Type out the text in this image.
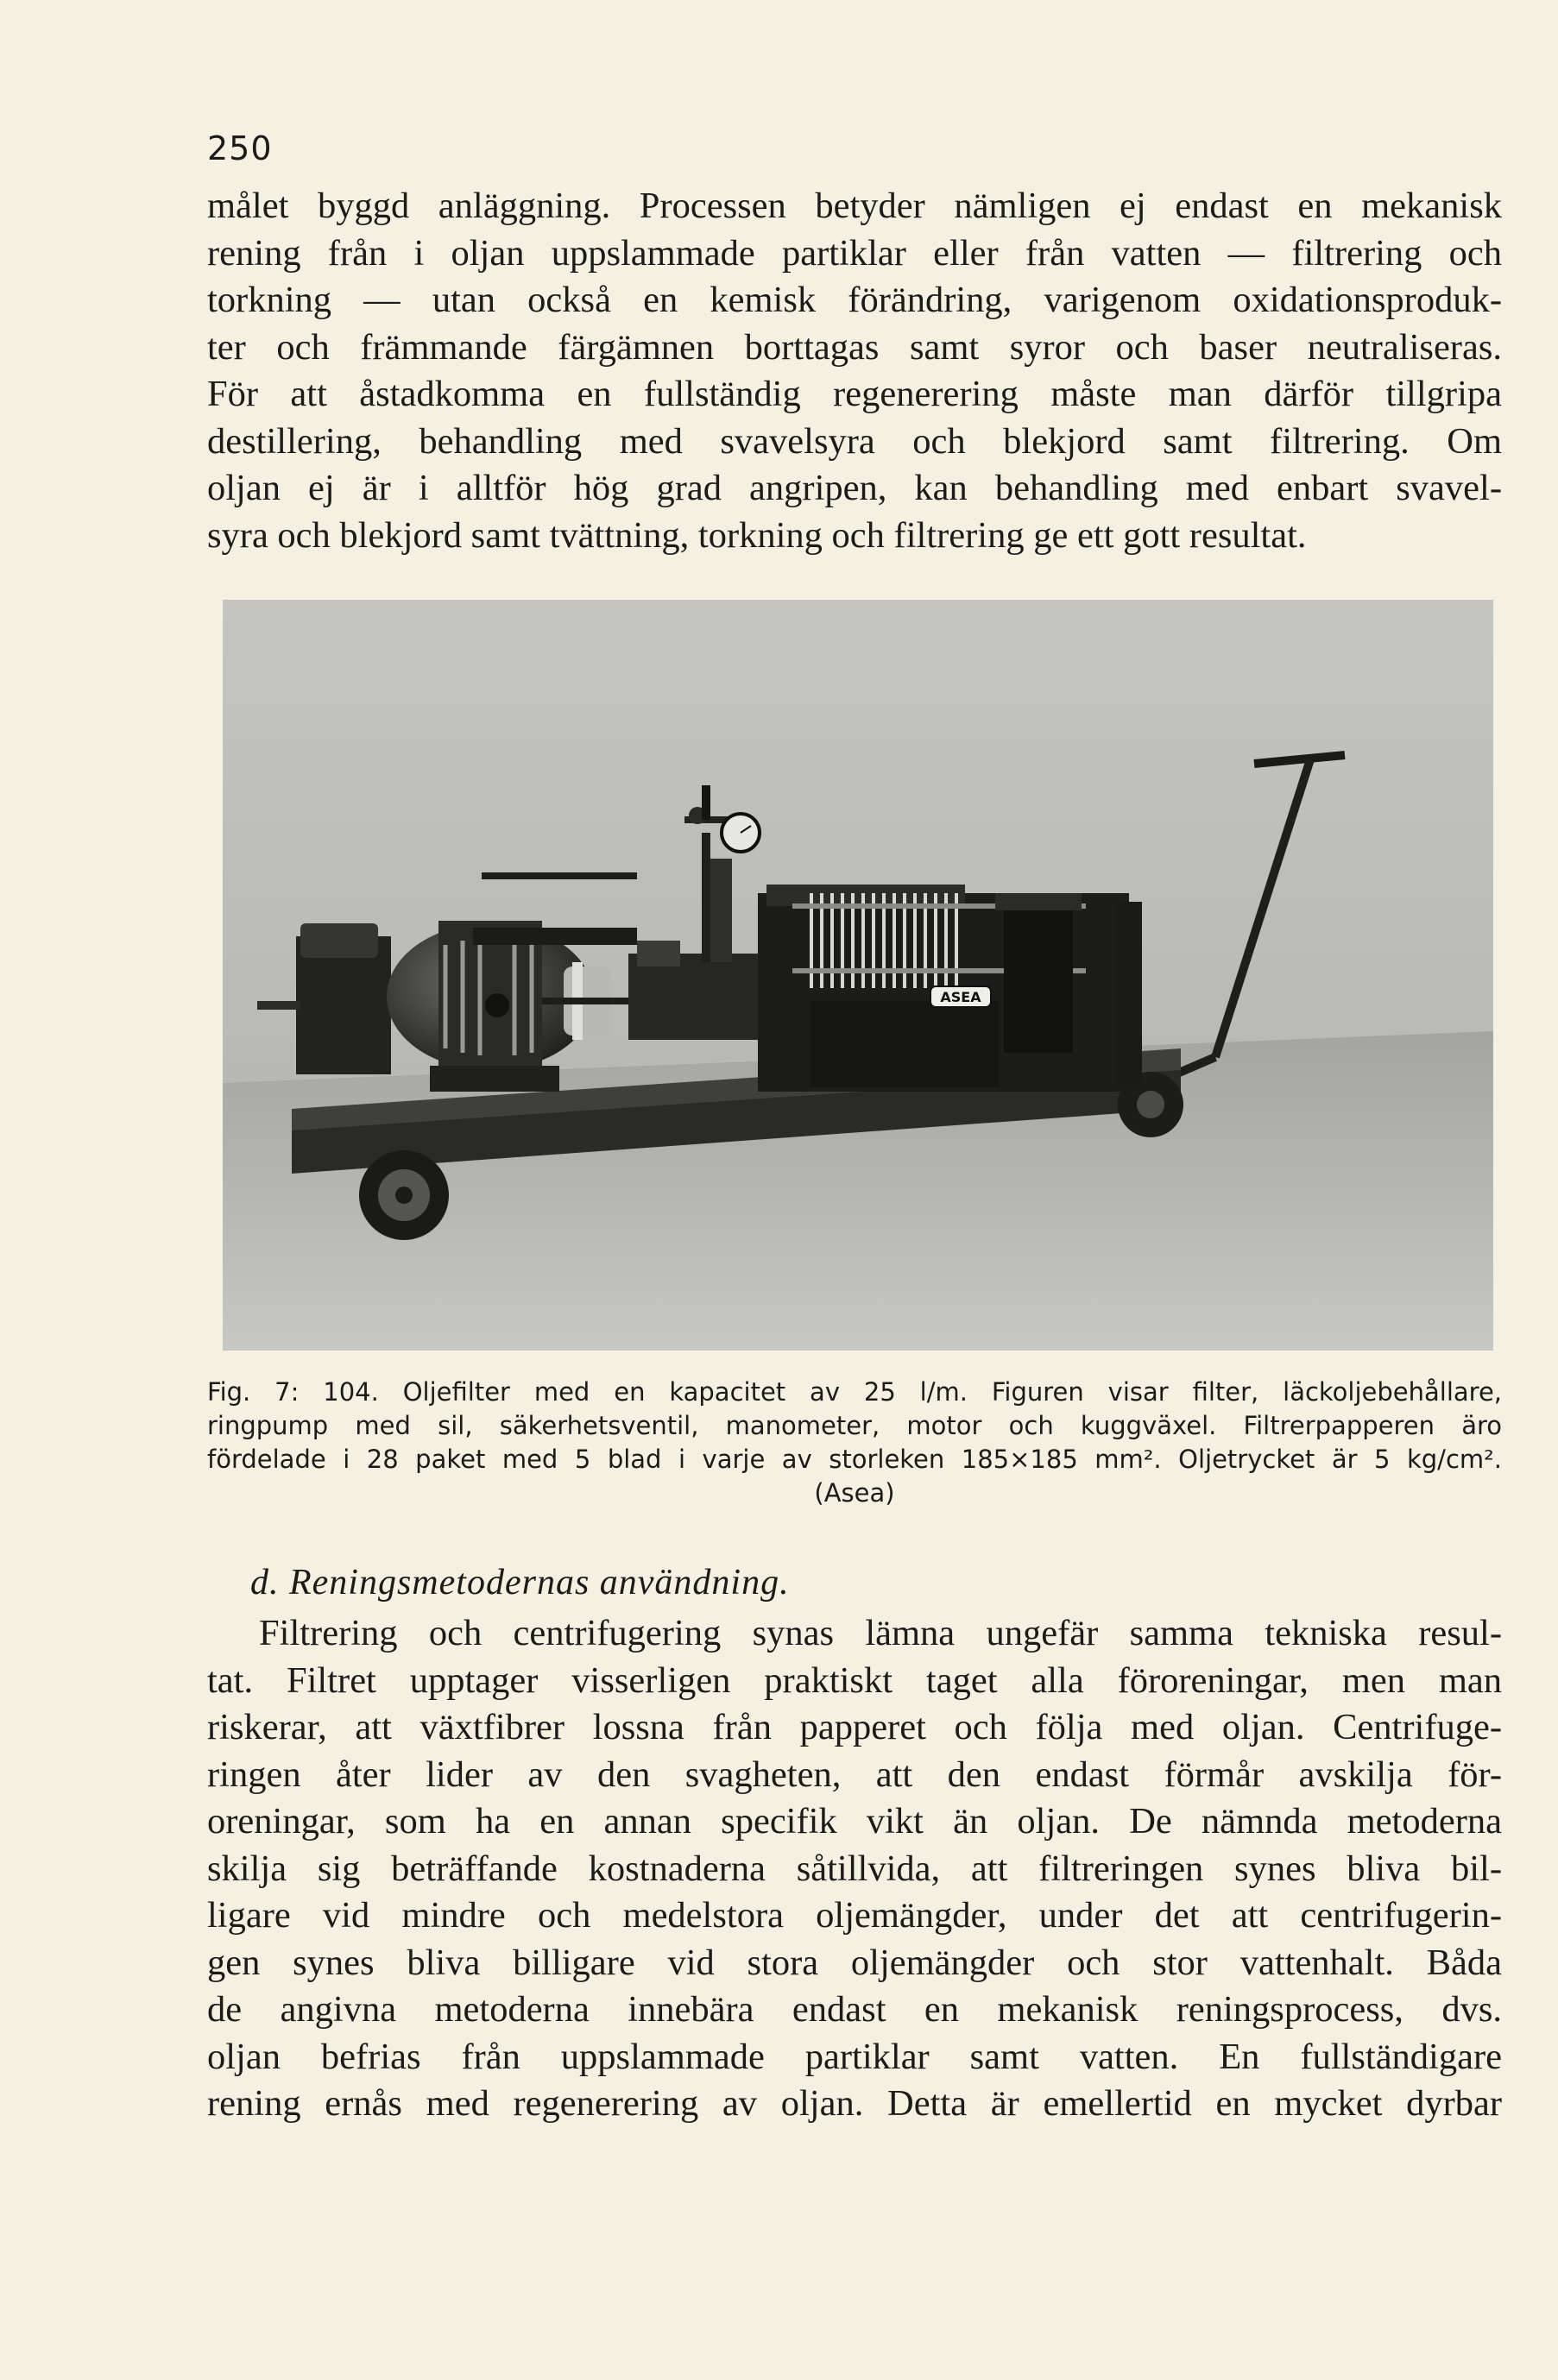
250
målet byggd anläggning. Processen betyder nämligen ej endast en mekanisk
rening från i oljan uppslammade partiklar eller från vatten — filtrering och
torkning — utan också en kemisk förändring, varigenom oxidationsproduk-
ter och främmande färgämnen borttagas samt syror och baser neutraliseras.
För att åstadkomma en fullständig regenerering måste man därför tillgripa
destillering, behandling med svavelsyra och blekjord samt filtrering. Om
oljan ej är i alltför hög grad angripen, kan behandling med enbart svavel-
syra och blekjord samt tvättning, torkning och filtrering ge ett gott resultat.
ASEA
Fig. 7: 104. Oljefilter med en kapacitet av 25 l/m. Figuren visar filter, läckoljebehållare,
ringpump med sil, säkerhetsventil, manometer, motor och kuggväxel. Filtrerpapperen äro
fördelade i 28 paket med 5 blad i varje av storleken 185×185 mm². Oljetrycket är 5 kg/cm².
(Asea)
d. Reningsmetodernas användning.
Filtrering och centrifugering synas lämna ungefär samma tekniska resul-
tat. Filtret upptager visserligen praktiskt taget alla föroreningar, men man
riskerar, att växtfibrer lossna från papperet och följa med oljan. Centrifuge-
ringen åter lider av den svagheten, att den endast förmår avskilja för-
oreningar, som ha en annan specifik vikt än oljan. De nämnda metoderna
skilja sig beträffande kostnaderna såtillvida, att filtreringen synes bliva bil-
ligare vid mindre och medelstora oljemängder, under det att centrifugerin-
gen synes bliva billigare vid stora oljemängder och stor vattenhalt. Båda
de angivna metoderna innebära endast en mekanisk reningsprocess, dvs.
oljan befrias från uppslammade partiklar samt vatten. En fullständigare
rening ernås med regenerering av oljan. Detta är emellertid en mycket dyrbar
